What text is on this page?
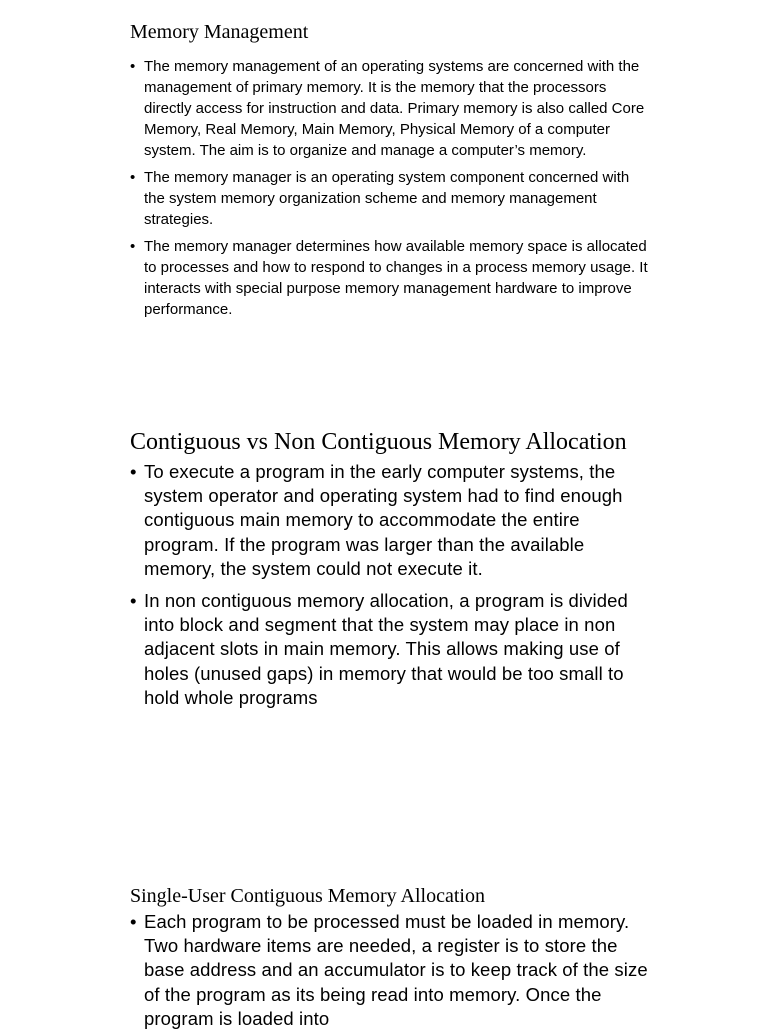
Memory Management
• The memory management of an operating systems are concerned with the management of primary memory. It is the memory that the processors directly access for instruction and data. Primary memory is also called Core Memory, Real Memory, Main Memory, Physical Memory of a computer system. The aim is to organize and manage a computer’s memory.
• The memory manager is an operating system component concerned with the system memory organization scheme and memory management strategies.
• The memory manager determines how available memory space is allocated to processes and how to respond to changes in a process memory usage. It interacts with special purpose memory management hardware to improve performance.
Contiguous vs Non Contiguous Memory Allocation
• To execute a program in the early computer systems, the system operator and operating system had to find enough contiguous main memory to accommodate the entire program. If the program was larger than the available memory, the system could not execute it.
• In non contiguous memory allocation, a program is divided into block and segment that the system may place in non adjacent slots in main memory. This allows making use of holes (unused gaps) in memory that would be too small to hold whole programs
Single-User Contiguous Memory Allocation
• Each program to be processed must be loaded in memory. Two hardware items are needed, a register is to store the base address and an accumulator is to keep track of the size of the program as its being read into memory. Once the program is loaded into
